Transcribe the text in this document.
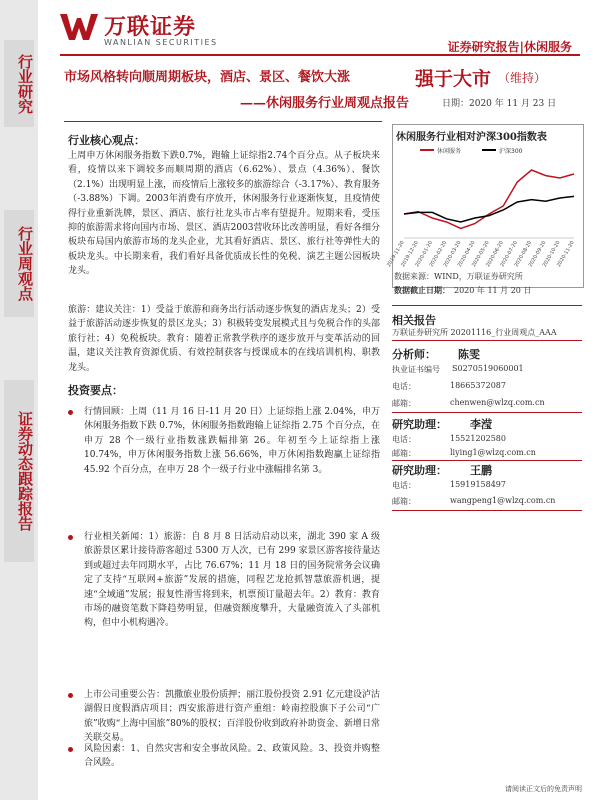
行业研究
行业周观点
证券动态跟踪报告
万联证券
WANLIAN SECURITIES	证券研究报告|休闲服务
市场风格转向顺周期板块，酒店、景区、餐饮大涨
——休闲服务行业周观点报告
强于大市 （维持）
日期：2020 年 11 月 23 日
行业核心观点：
上周申万休闲服务指数下跌0.7%，跑输上证综指2.74个百分点。从子板块来看，疫情以来下调较多而顺周期的酒店（6.62%）、景点（4.36%）、餐饮（2.1%）出现明显上涨，而疫情后上涨较多的旅游综合（-3.17%）、教育服务（-3.88%）下调。2003年消费有序放开，休闲服务行业逐渐恢复，且疫情使得行业重新洗牌，景区、酒店、旅行社龙头市占率有望提升。短期来看，受压抑的旅游需求将向国内市场、景区、酒店2003营收环比改善明显，看好各细分板块布局国内旅游市场的龙头企业，尤其看好酒店、景区、旅行社等弹性大的板块龙头。中长期来看，我们看好具备优质成长性的免税、演艺主题公园板块龙头。
旅游：建议关注：1）受益于旅游和商务出行活动逐步恢复的酒店龙头；2）受益于旅游活动逐步恢复的景区龙头；3）积极转变发展模式且与免税合作的头部旅行社；4）免税板块。教育：随着正常教学秩序的逐步放开与变革活动的回温，建议关注教育资源优质、有效控制获客与授课成本的在线培训机构、职教龙头。
投资要点：
行情回顾：上周（11 月 16 日-11 月 20 日）上证综指上涨 2.04%，申万休闲服务指数下跌 0.7%，休闲服务指数跑输上证综指 2.75 个百分点，在申万 28 个一级行业指数涨跌幅排第 26。年初至今上证综指上涨 10.74%，申万休闲服务指数上涨 56.66%，申万休闲指数跑赢上证综指 45.92 个百分点，在申万 28 个一级子行业中涨幅排名第 3。
行业相关新闻：1）旅游：自 8 月 8 日活动启动以来，湖北 390 家 A 级旅游景区累计接待游客超过 5300 万人次，已有 299 家景区游客接待量达到或超过去年同期水平，占比 76.67%；11 月 18 日的国务院常务会议确定了支持“互联网+旅游”发展的措施，同程艺龙抢抓智慧旅游机遇，提速“全域通”发展；报复性滑雪将到来，机票预订量超去年。2）教育：教育市场的融资笔数下降趋势明显，但融资额度攀升，大量融资流入了头部机构，但中小机构遇冷。
上市公司重要公告：凯撒旅业股份质押；丽江股份投资 2.91 亿元建设泸沽湖假日度假酒店项目；西安旅游进行资产重组：岭南控股旗下子公司“广旅”收购“上海中国旅”80%的股权；百洋股份收到政府补助资金、新增日常关联交易。
风险因素：1、自然灾害和安全事故风险。2、政策风险。3、投资并购整合风险。
休闲服务行业相对沪深300指数表
休闲服务	沪深300
2019-11-20
2019-12-20
2020-01-20
2020-02-20
2020-03-20
2020-04-20
2020-05-20
2020-06-20
2020-07-20
2020-08-20
2020-09-20
2020-10-20
2020-11-20
数据来源：WIND，万联证券研究所
数据截止日期： 2020 年 11 月 20 日
相关报告
万联证券研究所 20201116_行业周观点_AAA
分析师： 陈雯
执业证书编号 S0270519060001
电话：	18665372087
邮箱：	chenwen@wlzq.com.cn
研究助理： 李滢
电话：	15521202580
邮箱：	liying1@wlzq.com.cn
研究助理： 王鹏
电话：	15919158497
邮箱：	wangpeng1@wlzq.com.cn
请阅读正文后的免责声明
